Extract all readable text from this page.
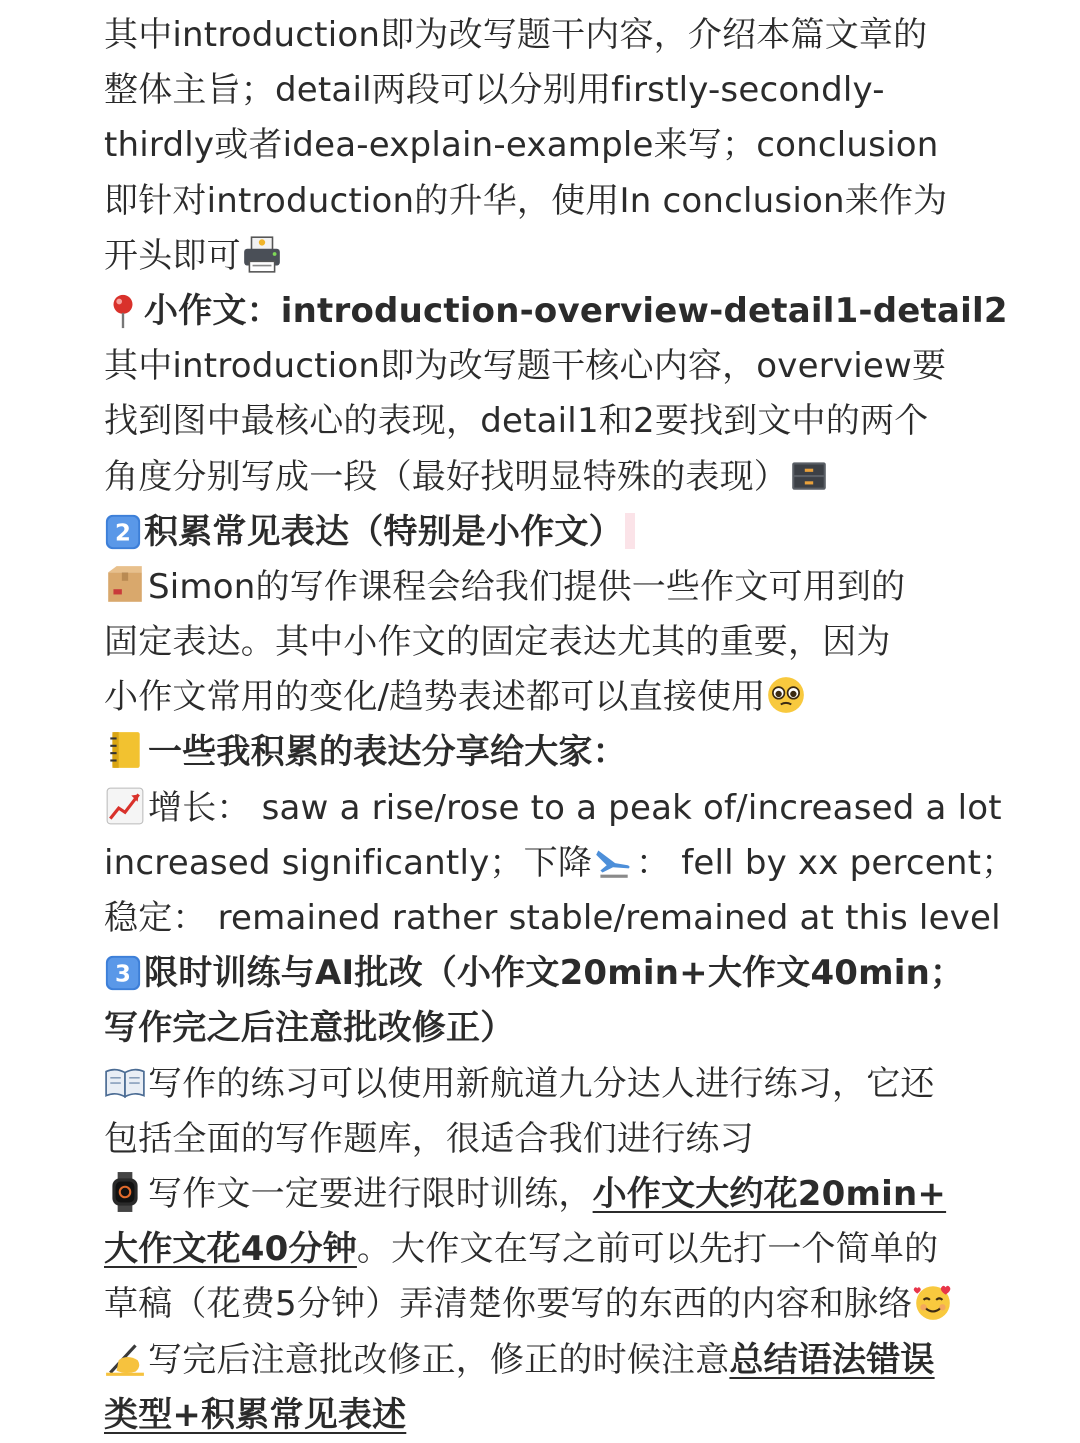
其中introduction即为改写题干内容，介绍本篇文章的
整体主旨；detail两段可以分别用firstly-secondly-
thirdly或者idea-explain-example来写；conclusion
即针对introduction的升华，使用In conclusion来作为
开头即可
小作文：introduction-overview-detail1-detail2
其中introduction即为改写题干核心内容，overview要
找到图中最核心的表现，detail1和2要找到文中的两个
角度分别写成一段（最好找明显特殊的表现）
2 积累常见表达（特别是小作文）
Simon的写作课程会给我们提供一些作文可用到的
固定表达。其中小作文的固定表达尤其的重要，因为
小作文常用的变化/趋势表述都可以直接使用
一些我积累的表达分享给大家：
增长： saw a rise/rose to a peak of/increased a lot
increased significantly；下降 ： fell by xx percent；
稳定： remained rather stable/remained at this level
3 限时训练与AI批改（小作文20min+大作文40min；
写作完之后注意批改修正）
写作的练习可以使用新航道九分达人进行练习，它还
包括全面的写作题库，很适合我们进行练习
写作文一定要进行限时训练，小作文大约花20min+
大作文花40分钟。大作文在写之前可以先打一个简单的
草稿（花费5分钟）弄清楚你要写的东西的内容和脉络
写完后注意批改修正，修正的时候注意总结语法错误
类型+积累常见表述
